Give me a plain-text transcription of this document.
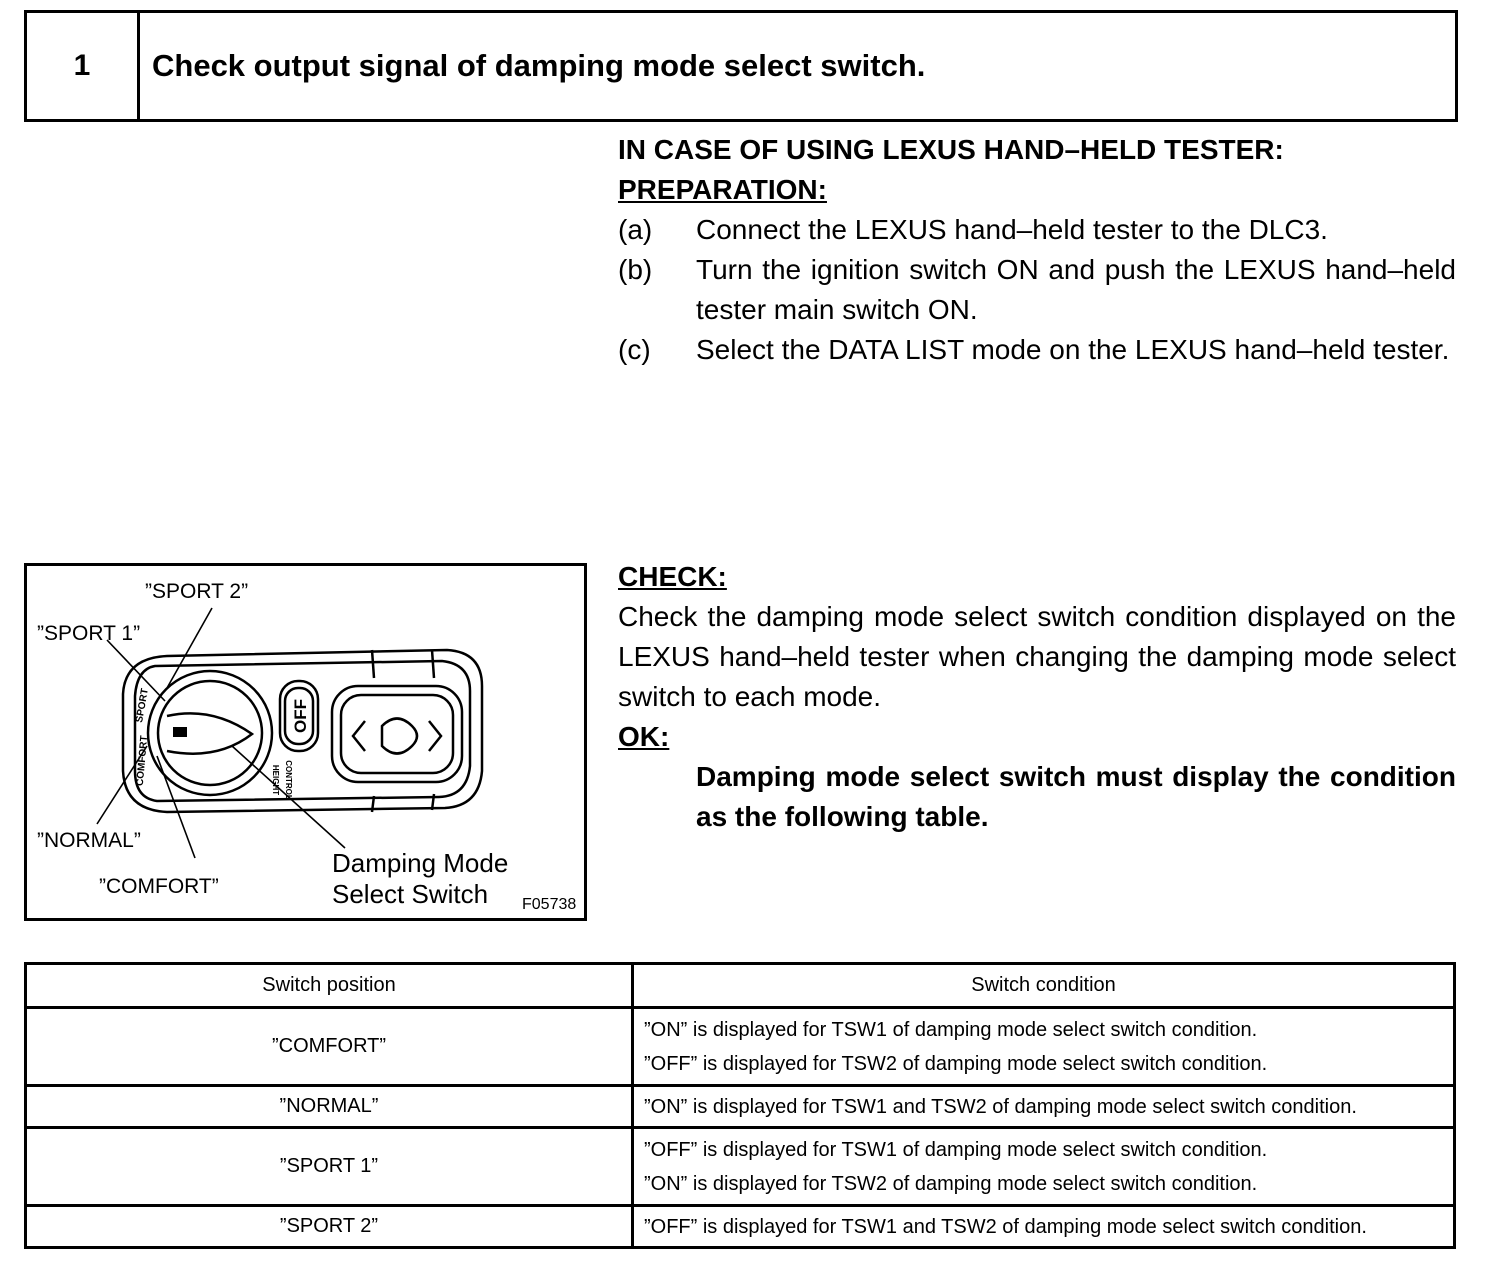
1	Check output signal of damping mode select switch.
IN CASE OF USING LEXUS HAND–HELD TESTER:
PREPARATION:
(a) Connect the LEXUS hand–held tester to the DLC3.
(b) Turn the ignition switch ON and push the LEXUS hand–held tester main switch ON.
(c) Select the DATA LIST mode on the LEXUS hand–held tester.
CHECK:
Check the damping mode select switch condition displayed on the LEXUS hand–held tester when changing the damping mode select switch to each mode.
OK:
Damping mode select switch must display the condition as the following table.
OFF
HEIGHT CONTROL
SPORT
COMFORT
”SPORT 2”
”SPORT 1”
”NORMAL”
”COMFORT”
Damping Mode
Select Switch	F05738
Switch position	Switch condition
”COMFORT”	”ON” is displayed for TSW1 of damping mode select switch condition.
”OFF” is displayed for TSW2 of damping mode select switch condition.

”NORMAL”	”ON” is displayed for TSW1 and TSW2 of damping mode select switch condition.

”SPORT 1”	”OFF” is displayed for TSW1 of damping mode select switch condition.
”ON” is displayed for TSW2 of damping mode select switch condition.

”SPORT 2”	”OFF” is displayed for TSW1 and TSW2 of damping mode select switch condition.
